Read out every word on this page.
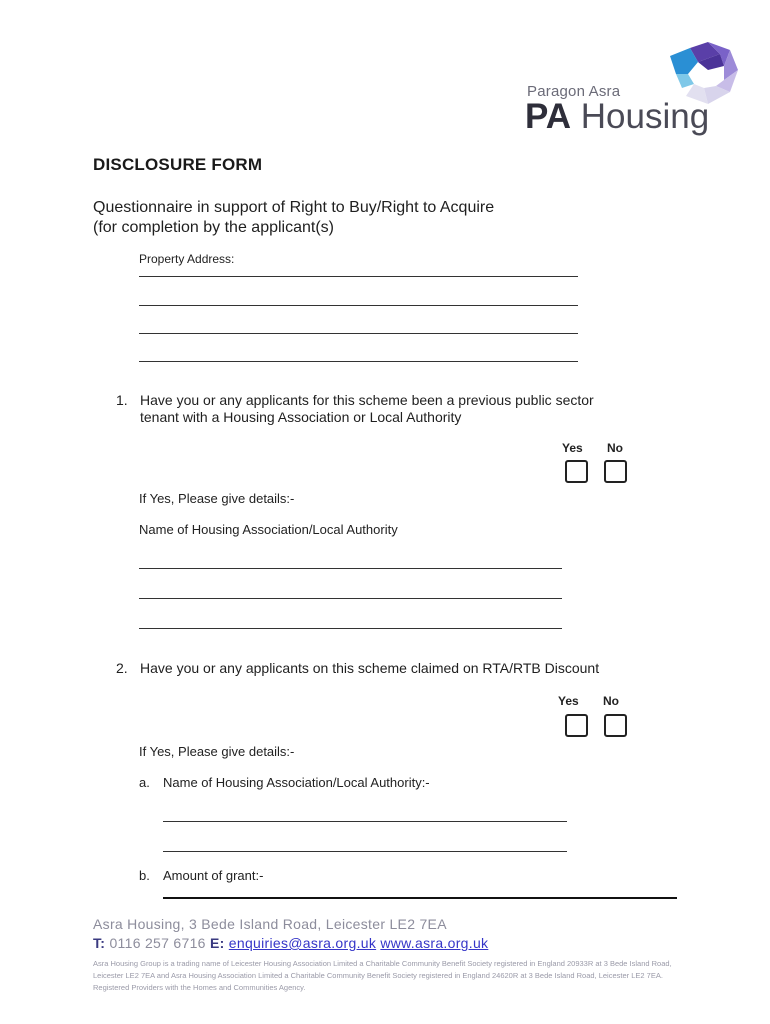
Paragon Asra
PA Housing
DISCLOSURE FORM
Questionnaire in support of Right to Buy/Right to Acquire
(for completion by the applicant(s)
Property Address:
1. Have you or any applicants for this scheme been a previous public sector
tenant with a Housing Association or Local Authority
Yes No
If Yes, Please give details:-
Name of Housing Association/Local Authority
2. Have you or any applicants on this scheme claimed on RTA/RTB Discount
Yes No
If Yes, Please give details:-
a. Name of Housing Association/Local Authority:-
b. Amount of grant:-
Asra Housing, 3 Bede Island Road, Leicester LE2 7EA
T: 0116 257 6716 E: enquiries@asra.org.uk www.asra.org.uk
Asra Housing Group is a trading name of Leicester Housing Association Limited a Charitable Community Benefit Society registered in England 20933R at 3 Bede Island Road, Leicester LE2 7EA and Asra Housing Association Limited a Charitable Community Benefit Society registered in England 24620R at 3 Bede Island Road, Leicester LE2 7EA. Registered Providers with the Homes and Communities Agency.
